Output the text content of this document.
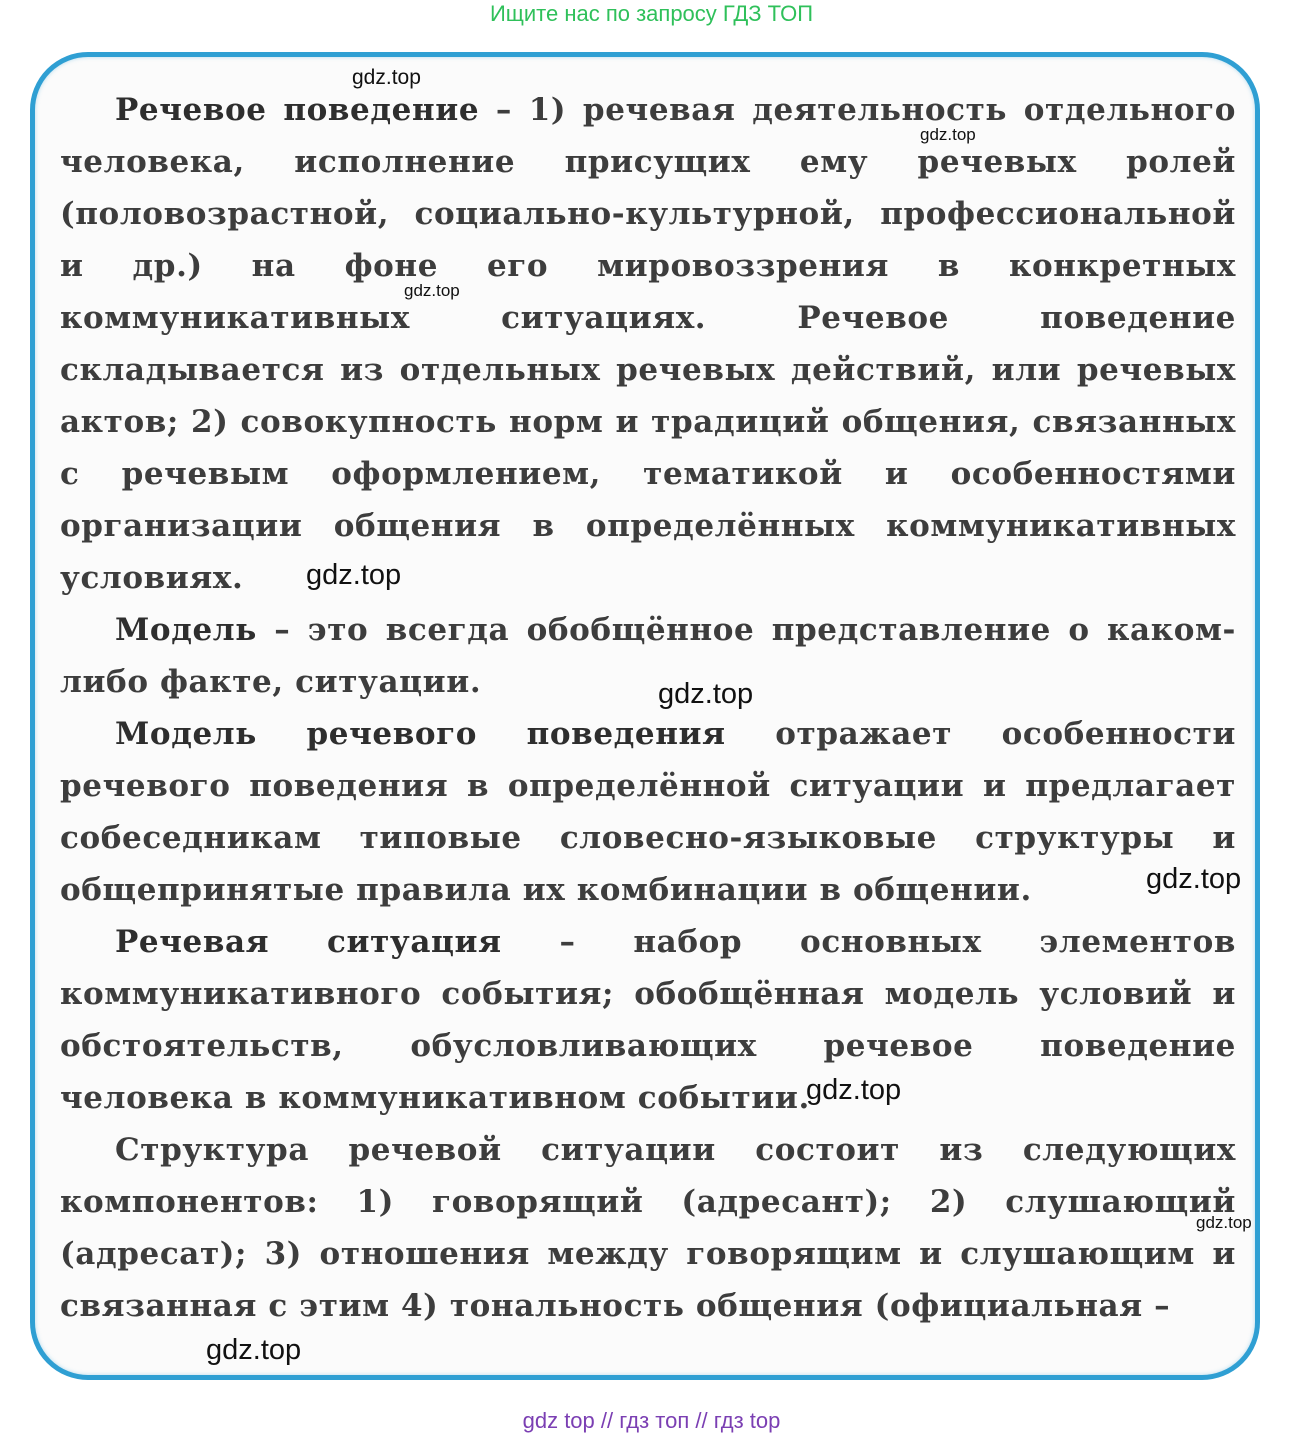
Ищите нас по запросу ГДЗ ТОП

Речевое поведение – 1) речевая деятельность отдельного человека, исполнение присущих ему речевых ролей (половозрастной, социально-культурной, профессиональной и др.) на фоне его мировоззрения в конкретных коммуникативных ситуациях. Речевое поведение складывается из отдельных речевых действий, или речевых актов; 2) совокупность норм и традиций общения, связанных с речевым оформлением, тематикой и особенностями организации общения в определённых коммуникативных условиях.

Модель – это всегда обобщённое представление о каком-либо факте, ситуации.

Модель речевого поведения отражает особенности речевого поведения в определённой ситуации и предлагает собеседникам типовые словесно-языковые структуры и общепринятые правила их комбинации в общении.

Речевая ситуация – набор основных элементов коммуникативного события; обобщённая модель условий и обстоятельств, обусловливающих речевое поведение человека в коммуникативном событии.

Структура речевой ситуации состоит из следующих компонентов: 1) говорящий (адресант); 2) слушающий (адресат); 3) отношения между говорящим и слушающим и связанная с этим 4) тональность общения (официальная –

gdz.top
gdz.top
gdz.top
gdz.top
gdz.top
gdz.top
gdz.top
gdz.top
gdz.top
gdz top // гдз топ // гдз top
